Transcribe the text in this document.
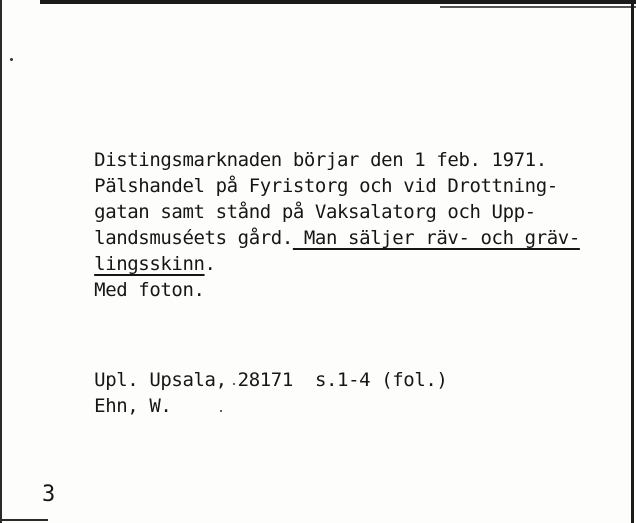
Distingsmarknaden börjar den 1 feb. 1971.

Pälshandel på Fyristorg och vid Drottning-

gatan samt stånd på Vaksalatorg och Upp-

landsmuséets gård. Man säljer räv- och gräv-

lingsskinn.

Med foton.

Upl. Upsala, 28171 s.1-4 (fol.)

Ehn, W.

3
